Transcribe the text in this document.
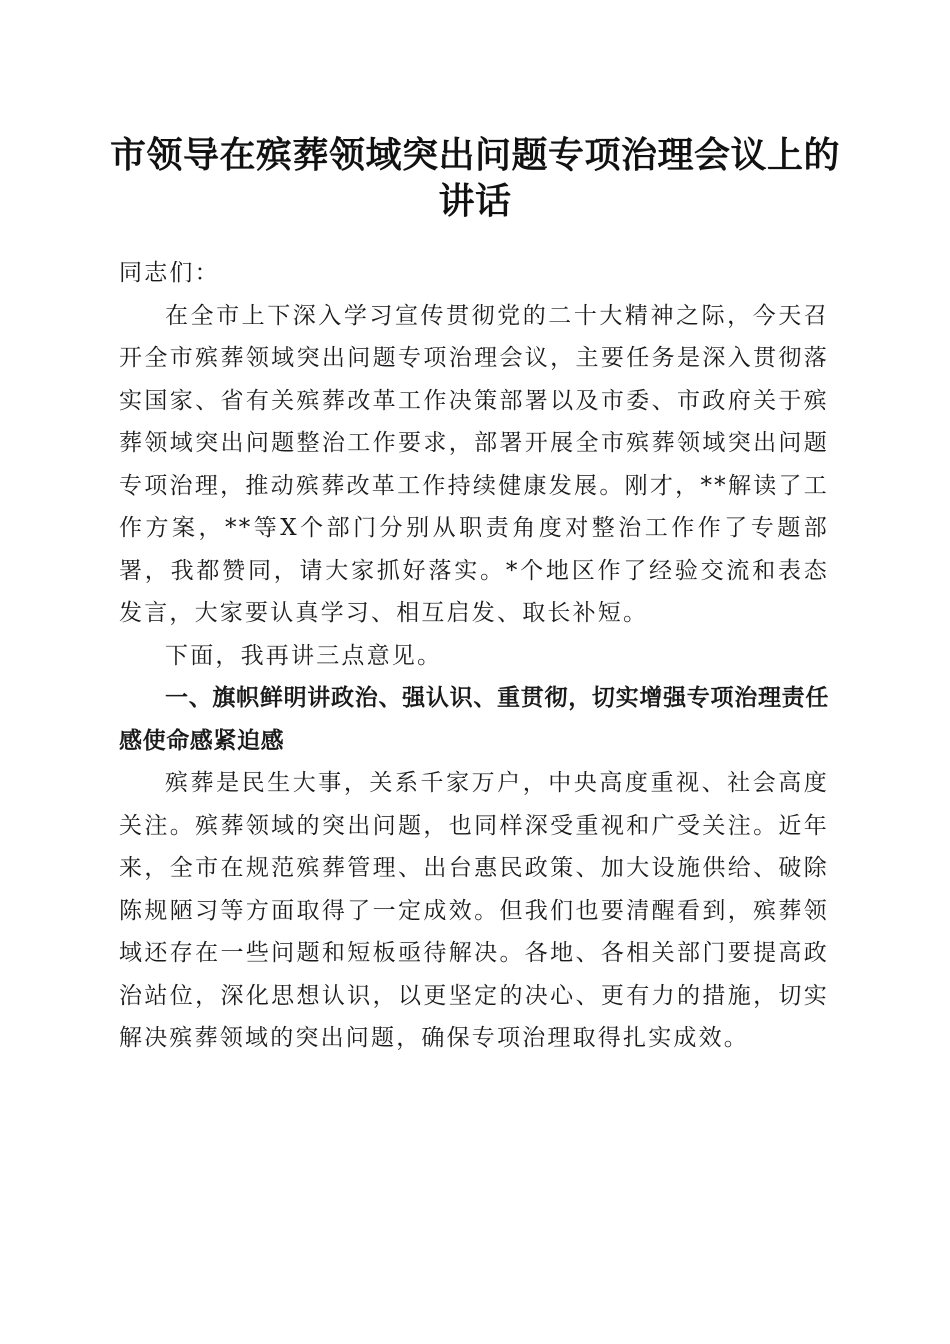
市领导在殡葬领域突出问题专项治理会议上的
讲话

同志们：

在全市上下深入学习宣传贯彻党的二十大精神之际，今天召开全市殡葬领域突出问题专项治理会议，主要任务是深入贯彻落实国家、省有关殡葬改革工作决策部署以及市委、市政府关于殡葬领域突出问题整治工作要求，部署开展全市殡葬领域突出问题专项治理，推动殡葬改革工作持续健康发展。刚才，**解读了工作方案，**等X个部门分别从职责角度对整治工作作了专题部署，我都赞同，请大家抓好落实。*个地区作了经验交流和表态发言，大家要认真学习、相互启发、取长补短。

下面，我再讲三点意见。

一、旗帜鲜明讲政治、强认识、重贯彻，切实增强专项治理责任感使命感紧迫感

殡葬是民生大事，关系千家万户，中央高度重视、社会高度关注。殡葬领域的突出问题，也同样深受重视和广受关注。近年来，全市在规范殡葬管理、出台惠民政策、加大设施供给、破除陈规陋习等方面取得了一定成效。但我们也要清醒看到，殡葬领域还存在一些问题和短板亟待解决。各地、各相关部门要提高政治站位，深化思想认识，以更坚定的决心、更有力的措施，切实解决殡葬领域的突出问题，确保专项治理取得扎实成效。
